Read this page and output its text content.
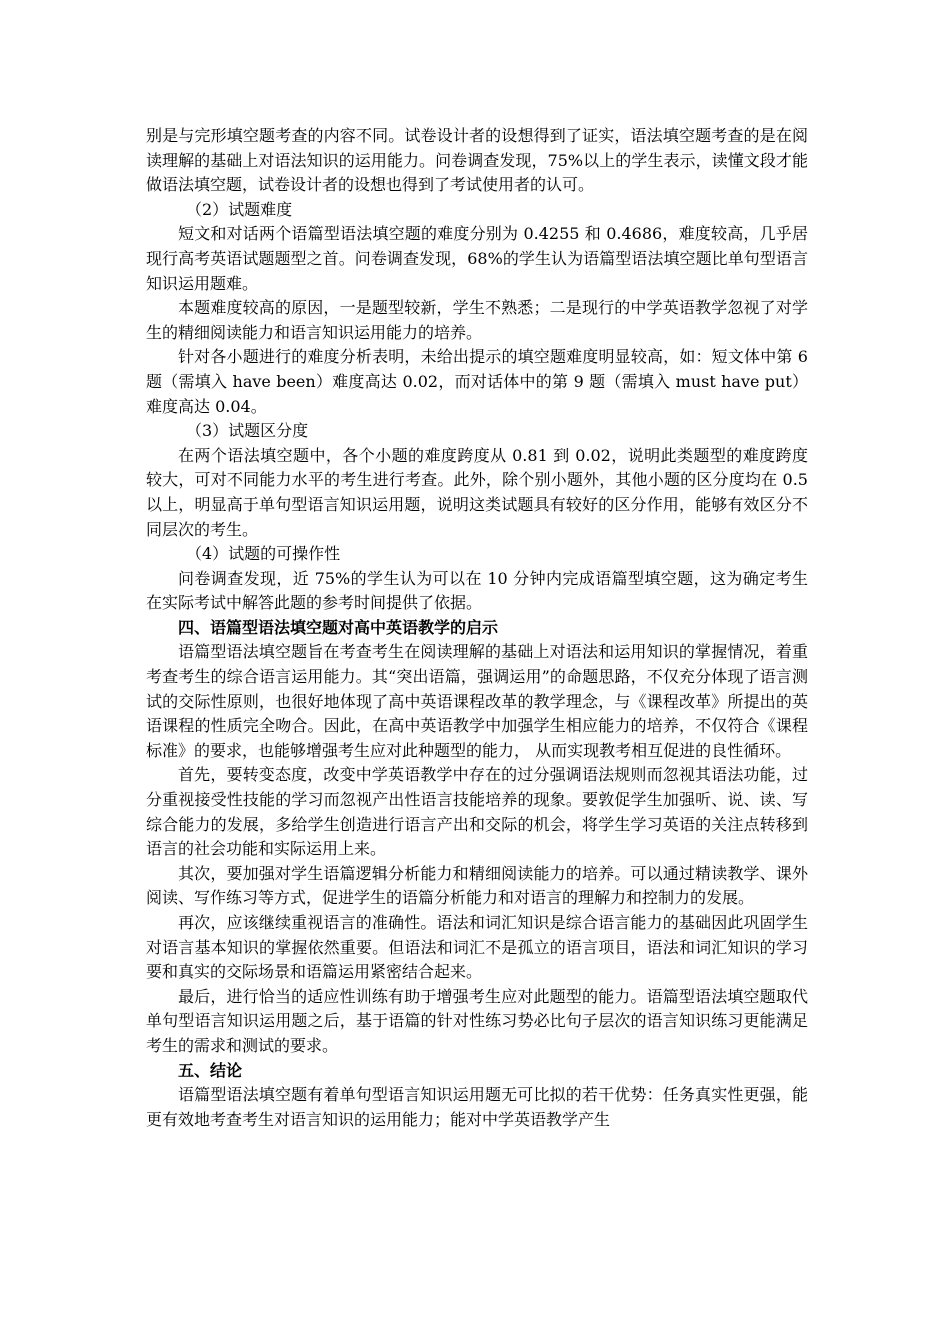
别是与完形填空题考查的内容不同。试卷设计者的设想得到了证实，语法填空题考查的是在阅读理解的基础上对语法知识的运用能力。问卷调查发现，75%以上的学生表示，读懂文段才能做语法填空题，试卷设计者的设想也得到了考试使用者的认可。

（2）试题难度

短文和对话两个语篇型语法填空题的难度分别为 0.4255 和 0.4686，难度较高，几乎居现行高考英语试题题型之首。问卷调查发现，68%的学生认为语篇型语法填空题比单句型语言知识运用题难。

本题难度较高的原因，一是题型较新，学生不熟悉；二是现行的中学英语教学忽视了对学生的精细阅读能力和语言知识运用能力的培养。

针对各小题进行的难度分析表明，未给出提示的填空题难度明显较高，如：短文体中第 6 题（需填入 have been）难度高达 0.02，而对话体中的第 9 题（需填入 must have put）难度高达 0.04。

（3）试题区分度

在两个语法填空题中，各个小题的难度跨度从 0.81 到 0.02，说明此类题型的难度跨度较大，可对不同能力水平的考生进行考查。此外，除个别小题外，其他小题的区分度均在 0.5 以上，明显高于单句型语言知识运用题，说明这类试题具有较好的区分作用，能够有效区分不同层次的考生。

（4）试题的可操作性

问卷调查发现，近 75%的学生认为可以在 10 分钟内完成语篇型填空题，这为确定考生在实际考试中解答此题的参考时间提供了依据。

四、语篇型语法填空题对高中英语教学的启示

语篇型语法填空题旨在考查考生在阅读理解的基础上对语法和运用知识的掌握情况，着重考查考生的综合语言运用能力。其“突出语篇，强调运用”的命题思路，不仅充分体现了语言测试的交际性原则，也很好地体现了高中英语课程改革的教学理念，与《课程改革》所提出的英语课程的性质完全吻合。因此，在高中英语教学中加强学生相应能力的培养，不仅符合《课程标准》的要求，也能够增强考生应对此种题型的能力， 从而实现教考相互促进的良性循环。

首先，要转变态度，改变中学英语教学中存在的过分强调语法规则而忽视其语法功能，过分重视接受性技能的学习而忽视产出性语言技能培养的现象。要敦促学生加强听、说、读、写综合能力的发展，多给学生创造进行语言产出和交际的机会，将学生学习英语的关注点转移到语言的社会功能和实际运用上来。

其次，要加强对学生语篇逻辑分析能力和精细阅读能力的培养。可以通过精读教学、课外阅读、写作练习等方式，促进学生的语篇分析能力和对语言的理解力和控制力的发展。

再次，应该继续重视语言的准确性。语法和词汇知识是综合语言能力的基础因此巩固学生对语言基本知识的掌握依然重要。但语法和词汇不是孤立的语言项目，语法和词汇知识的学习要和真实的交际场景和语篇运用紧密结合起来。

最后，进行恰当的适应性训练有助于增强考生应对此题型的能力。语篇型语法填空题取代单句型语言知识运用题之后，基于语篇的针对性练习势必比句子层次的语言知识练习更能满足考生的需求和测试的要求。

五、结论

语篇型语法填空题有着单句型语言知识运用题无可比拟的若干优势：任务真实性更强，能更有效地考查考生对语言知识的运用能力；能对中学英语教学产生
